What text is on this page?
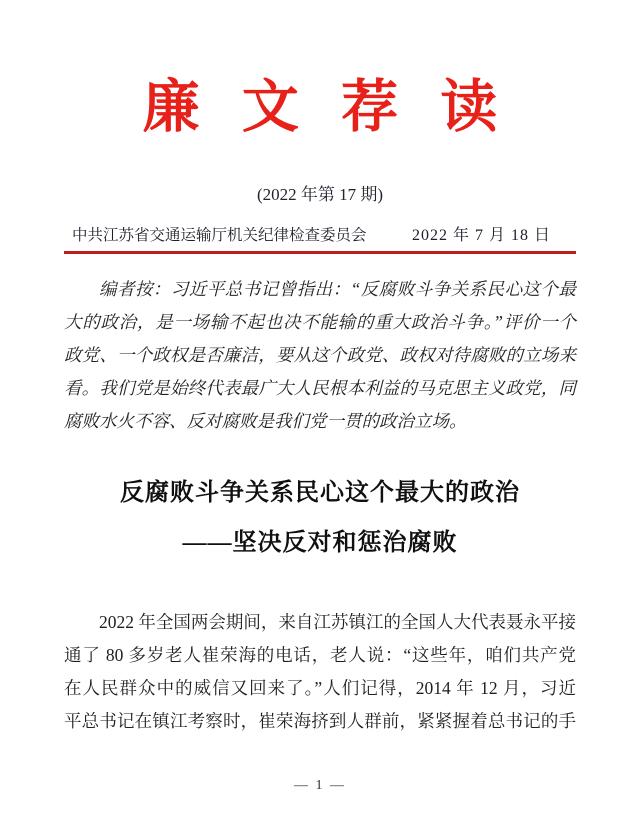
廉 文 荐 读
(2022 年第 17 期)
中共江苏省交通运输厅机关纪律检查委员会	2022 年 7 月 18 日
编者按：习近平总书记曾指出：“反腐败斗争关系民心这个最
大的政治，是一场输不起也决不能输的重大政治斗争。”评价一个
政党、一个政权是否廉洁，要从这个政党、政权对待腐败的立场来
看。我们党是始终代表最广大人民根本利益的马克思主义政党，同
腐败水火不容、反对腐败是我们党一贯的政治立场。
反腐败斗争关系民心这个最大的政治
——坚决反对和惩治腐败
2022 年全国两会期间，来自江苏镇江的全国人大代表聂永平接
通了 80 多岁老人崔荣海的电话，老人说：“这些年，咱们共产党
在人民群众中的威信又回来了。”人们记得，2014 年 12 月，习近
平总书记在镇江考察时，崔荣海挤到人群前，紧紧握着总书记的手
— 1 —
